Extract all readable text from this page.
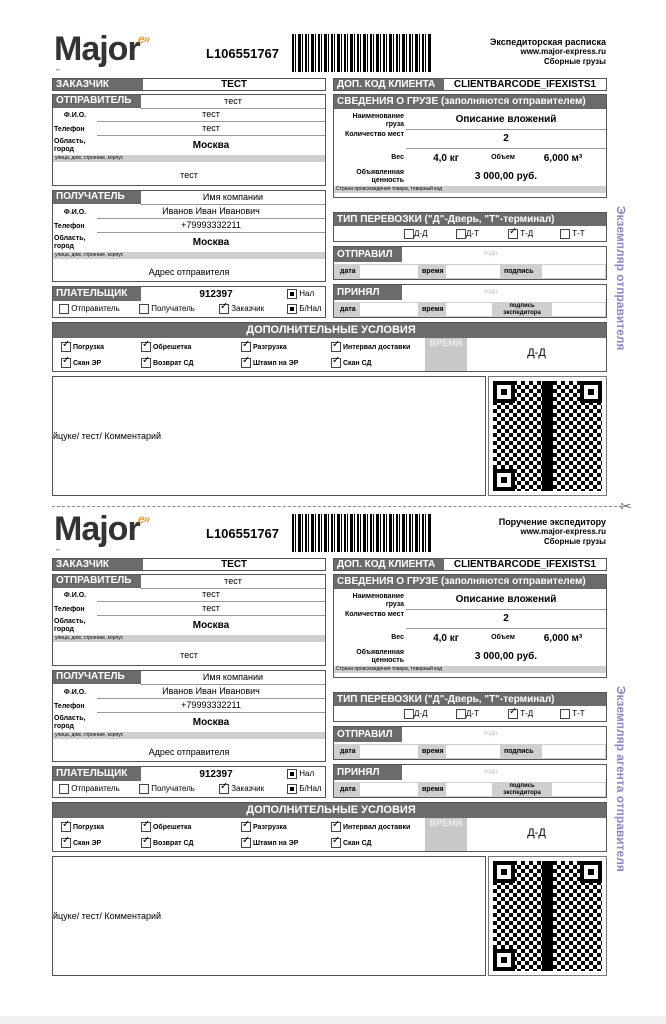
Major
e»
™
L106551767
Экспедиторская расписка
www.major-express.ru
Сборные грузы
ЗАКАЗЧИК	ТЕСТ	ДОП. КОД КЛИЕНТА	CLIENTBARCODE_IFEXISTS1
ОТПРАВИТЕЛЬ	тест
Ф.И.О.	тест
Телефон	тест
Область, город	Москва
улица, дом, строение, корпус
тест
ПОЛУЧАТЕЛЬ	Имя компании
Ф.И.О.	Иванов Иван Иванович
Телефон	+79993332211
Область, город	Москва
улица, дом, строение, корпус
Адрес отправителя
ПЛАТЕЛЬЩИК	912397	Нал
Б/Нал
Отправитель	Получатель ✓	Заказчик
СВЕДЕНИЯ О ГРУЗЕ (заполняются отправителем)
Наименование груза	Описание вложений
Количество мест	2
Вес	4,0 кг	Объем	6,000 м³
Объявленная ценность	3 000,00 руб.
Страна происхождения товара, товарный код
ТИП ПЕРЕВОЗКИ ("Д"-Дверь, "Т"-терминал)
Д-Д	Д-Т ✓	Т-Д	Т-Т
ОТПРАВИЛ	подп.
дата	время	подпись
ПРИНЯЛ	подп.
дата	время	подпись экспедитора
ДОПОЛНИТЕЛЬНЫЕ УСЛОВИЯ
✓ Погрузка ✓	Обрешетка ✓	Разгрузка ✓	Интервал доставки
✓ Скан ЭР ✓	Возврат СД ✓	Штамп на ЭР ✓	Скан СД
ВРЕМЯ
Д-Д
йцуке/ тест/ Комментарий
Экземпляр отправителя
Major
e»
™
L106551767
Поручение экспедитору
www.major-express.ru
Сборные грузы
ЗАКАЗЧИК	ТЕСТ	ДОП. КОД КЛИЕНТА	CLIENTBARCODE_IFEXISTS1
ОТПРАВИТЕЛЬ	тест
Ф.И.О.	тест
Телефон	тест
Область, город	Москва
улица, дом, строение, корпус
тест
ПОЛУЧАТЕЛЬ	Имя компании
Ф.И.О.	Иванов Иван Иванович
Телефон	+79993332211
Область, город	Москва
улица, дом, строение, корпус
Адрес отправителя
ПЛАТЕЛЬЩИК	912397	Нал
Б/Нал
Отправитель	Получатель ✓	Заказчик
СВЕДЕНИЯ О ГРУЗЕ (заполняются отправителем)
Наименование груза	Описание вложений
Количество мест	2
Вес	4,0 кг	Объем	6,000 м³
Объявленная ценность	3 000,00 руб.
Страна происхождения товара, товарный код
ТИП ПЕРЕВОЗКИ ("Д"-Дверь, "Т"-терминал)
Д-Д	Д-Т ✓	Т-Д	Т-Т
ОТПРАВИЛ	подп.
дата	время	подпись
ПРИНЯЛ	подп.
дата	время	подпись экспедитора
ДОПОЛНИТЕЛЬНЫЕ УСЛОВИЯ
✓ Погрузка ✓	Обрешетка ✓	Разгрузка ✓	Интервал доставки
✓ Скан ЭР ✓	Возврат СД ✓	Штамп на ЭР ✓	Скан СД
ВРЕМЯ
Д-Д
йцуке/ тест/ Комментарий
Экземпляр агента отправителя
✂
